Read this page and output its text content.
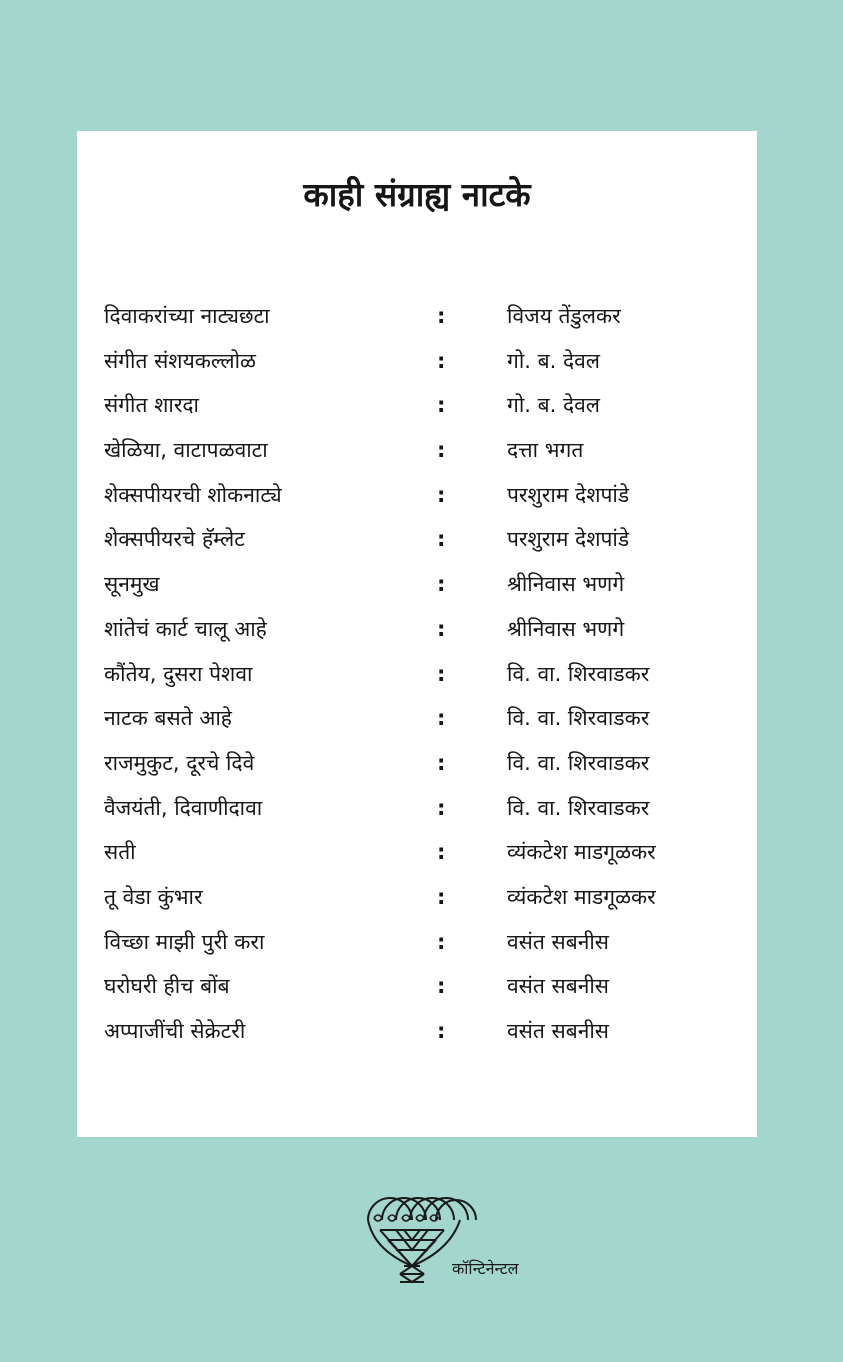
काही संग्राह्य नाटके
दिवाकरांच्या नाट्यछटा	:	विजय तेंडुलकर
संगीत संशयकल्लोळ	:	गो. ब. देवल
संगीत शारदा	:	गो. ब. देवल
खेळिया, वाटापळवाटा	:	दत्ता भगत
शेक्सपीयरची शोकनाट्ये	:	परशुराम देशपांडे
शेक्सपीयरचे हॅम्लेट	:	परशुराम देशपांडे
सूनमुख	:	श्रीनिवास भणगे
शांतेचं कार्ट चालू आहे	:	श्रीनिवास भणगे
कौंतेय, दुसरा पेशवा	:	वि. वा. शिरवाडकर
नाटक बसते आहे	:	वि. वा. शिरवाडकर
राजमुकुट, दूरचे दिवे	:	वि. वा. शिरवाडकर
वैजयंती, दिवाणीदावा	:	वि. वा. शिरवाडकर
सती	:	व्यंकटेश माडगूळकर
तू वेडा कुंभार	:	व्यंकटेश माडगूळकर
विच्छा माझी पुरी करा	:	वसंत सबनीस
घरोघरी हीच बोंब	:	वसंत सबनीस
अप्पाजींची सेक्रेटरी	:	वसंत सबनीस
कॉन्टिनेन्टल
